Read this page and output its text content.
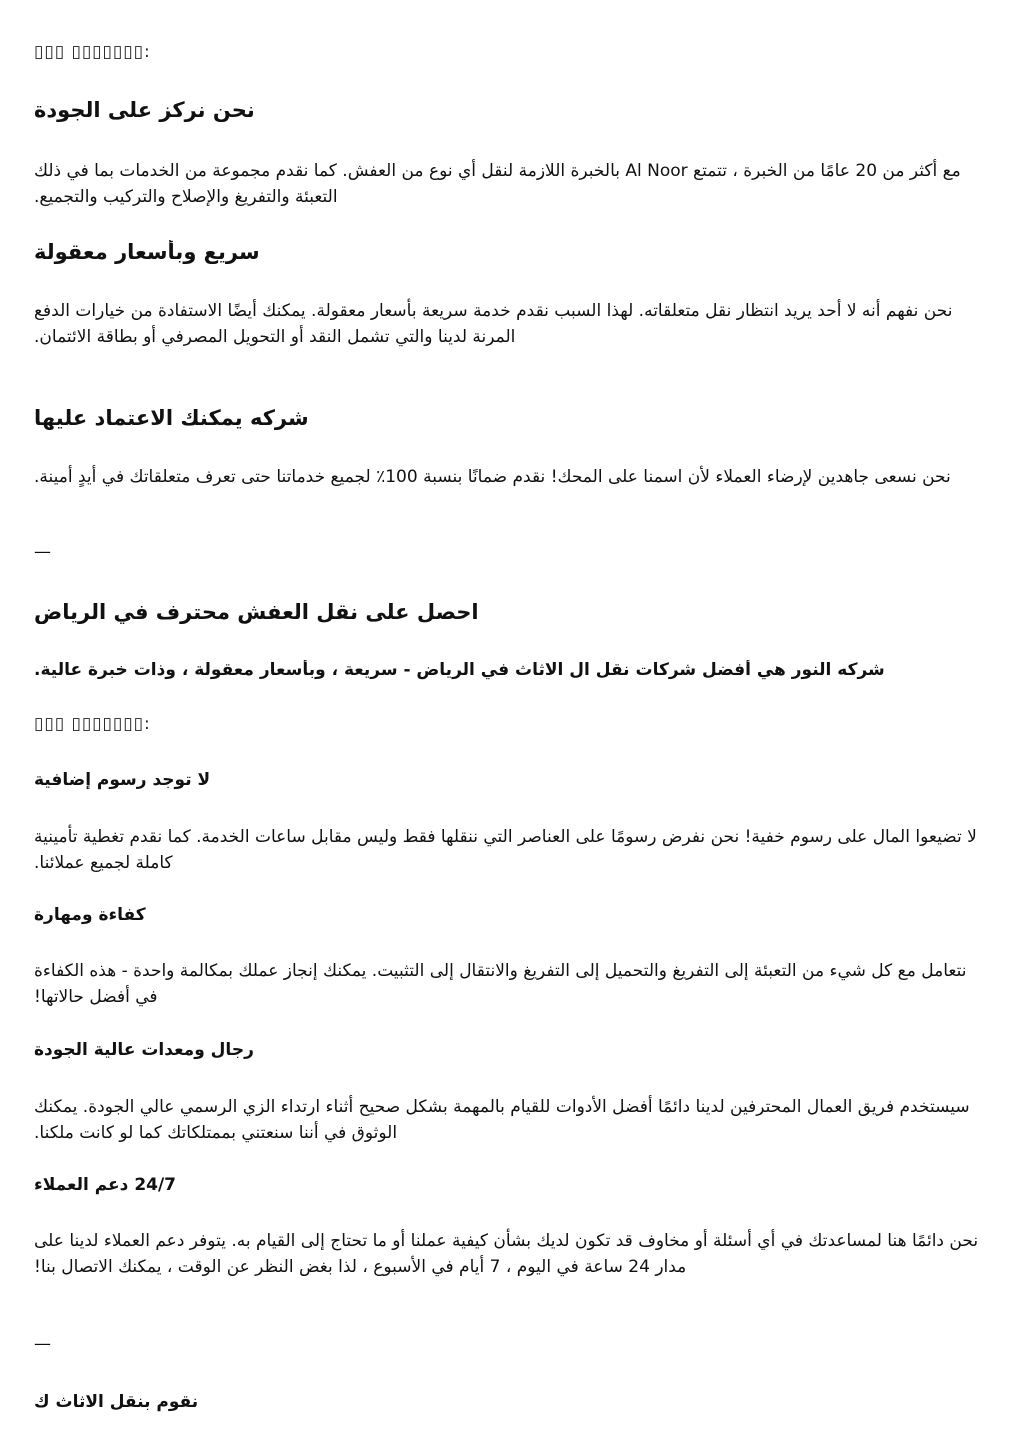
▯▯▯ ▯▯▯▯▯▯▯:

نحن نركز على الجودة

مع أكثر من 20 عامًا من الخبرة ، تتمتع Al Noor بالخبرة اللازمة لنقل أي نوع من العفش. كما نقدم مجموعة من الخدمات بما في ذلك التعبئة والتفريغ والإصلاح والتركيب والتجميع.

سريع وبأسعار معقولة

نحن نفهم أنه لا أحد يريد انتظار نقل متعلقاته. لهذا السبب نقدم خدمة سريعة بأسعار معقولة. يمكنك أيضًا الاستفادة من خيارات الدفع المرنة لدينا والتي تشمل النقد أو التحويل المصرفي أو بطاقة الائتمان.

شركه يمكنك الاعتماد عليها

نحن نسعى جاهدين لإرضاء العملاء لأن اسمنا على المحك! نقدم ضمانًا بنسبة 100٪ لجميع خدماتنا حتى تعرف متعلقاتك في أيدٍ أمينة.

—

احصل على نقل العفش محترف في الرياض

شركه النور هي أفضل شركات نقل ال الاثاث في الرياض - سريعة ، وبأسعار معقولة ، وذات خبرة عالية.

▯▯▯ ▯▯▯▯▯▯▯:

لا توجد رسوم إضافية

لا تضيعوا المال على رسوم خفية! نحن نفرض رسومًا على العناصر التي ننقلها فقط وليس مقابل ساعات الخدمة. كما نقدم تغطية تأمينية كاملة لجميع عملائنا.

كفاءة ومهارة

نتعامل مع كل شيء من التعبئة إلى التفريغ والتحميل إلى التفريغ والانتقال إلى التثبيت. يمكنك إنجاز عملك بمكالمة واحدة - هذه الكفاءة في أفضل حالاتها!

رجال ومعدات عالية الجودة

سيستخدم فريق العمال المحترفين لدينا دائمًا أفضل الأدوات للقيام بالمهمة بشكل صحيح أثناء ارتداء الزي الرسمي عالي الجودة. يمكنك الوثوق في أننا سنعتني بممتلكاتك كما لو كانت ملكنا.

24/7 دعم العملاء

نحن دائمًا هنا لمساعدتك في أي أسئلة أو مخاوف قد تكون لديك بشأن كيفية عملنا أو ما تحتاج إلى القيام به. يتوفر دعم العملاء لدينا على مدار 24 ساعة في اليوم ، 7 أيام في الأسبوع ، لذا بغض النظر عن الوقت ، يمكنك الاتصال بنا!

—

نقوم بنقل الاثاث ك
